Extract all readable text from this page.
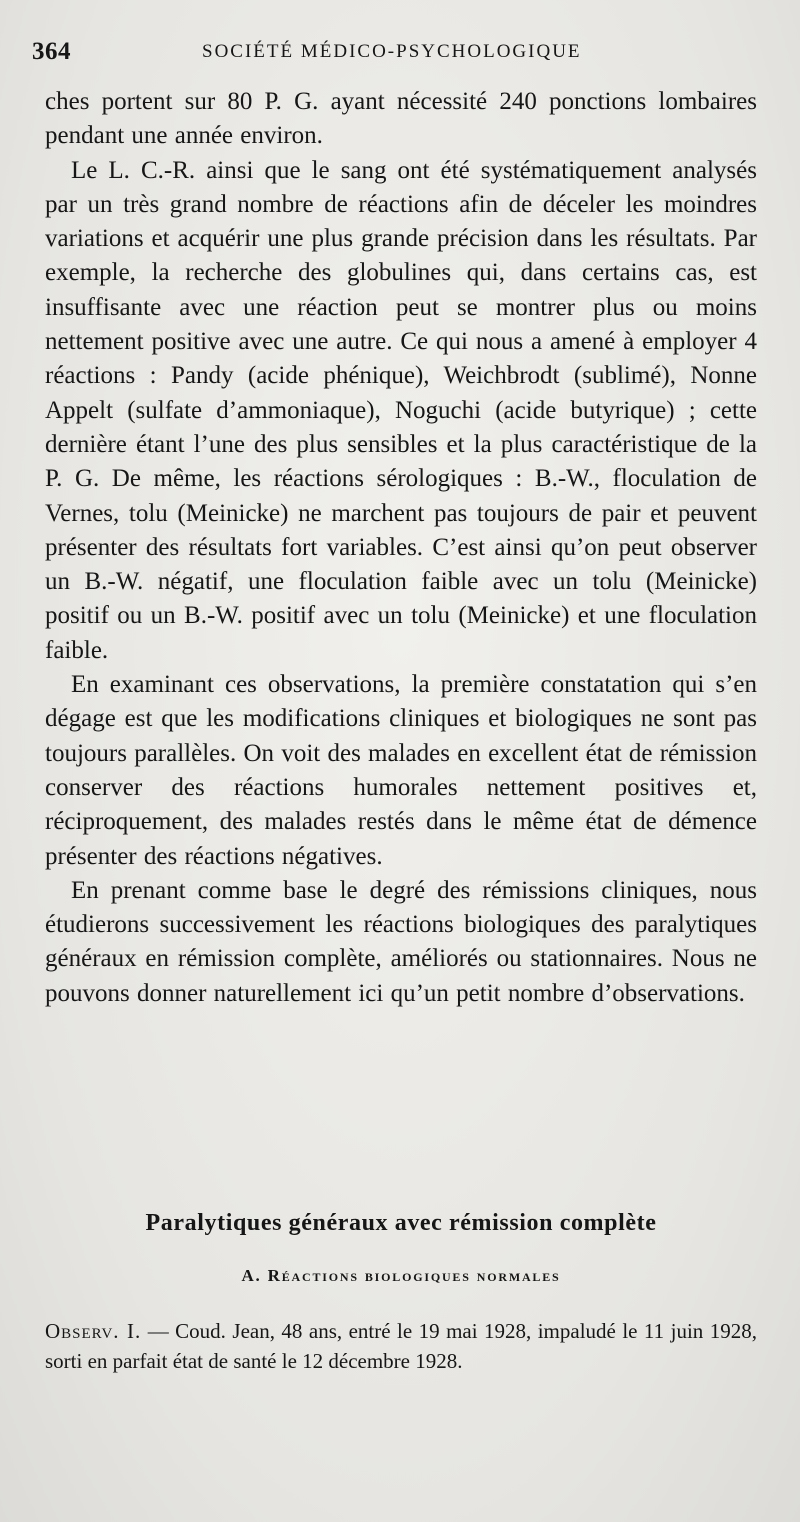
364	SOCIÉTÉ MÉDICO-PSYCHOLOGIQUE

ches portent sur 80 P. G. ayant nécessité 240 ponctions lombaires pendant une année environ.

Le L. C.-R. ainsi que le sang ont été systématiquement analysés par un très grand nombre de réactions afin de déceler les moindres variations et acquérir une plus grande précision dans les résultats. Par exemple, la recherche des globulines qui, dans certains cas, est insuffisante avec une réaction peut se montrer plus ou moins nettement positive avec une autre. Ce qui nous a amené à employer 4 réactions : Pandy (acide phénique), Weichbrodt (sublimé), Nonne Appelt (sulfate d’ammoniaque), Noguchi (acide butyrique) ; cette dernière étant l’une des plus sensibles et la plus caractéristique de la P. G. De même, les réactions sérologiques : B.-W., floculation de Vernes, tolu (Meinicke) ne marchent pas toujours de pair et peuvent présenter des résultats fort variables. C’est ainsi qu’on peut observer un B.-W. négatif, une floculation faible avec un tolu (Meinicke) positif ou un B.-W. positif avec un tolu (Meinicke) et une floculation faible.

En examinant ces observations, la première constatation qui s’en dégage est que les modifications cliniques et biologiques ne sont pas toujours parallèles. On voit des malades en excellent état de rémission conserver des réactions humorales nettement positives et, réciproquement, des malades restés dans le même état de démence présenter des réactions négatives.

En prenant comme base le degré des rémissions cliniques, nous étudierons successivement les réactions biologiques des paralytiques généraux en rémission complète, améliorés ou stationnaires. Nous ne pouvons donner naturellement ici qu’un petit nombre d’observations.

Paralytiques généraux avec rémission complète
A. Réactions biologiques normales

Observ. I. — Coud. Jean, 48 ans, entré le 19 mai 1928, impaludé le 11 juin 1928, sorti en parfait état de santé le 12 décembre 1928.
